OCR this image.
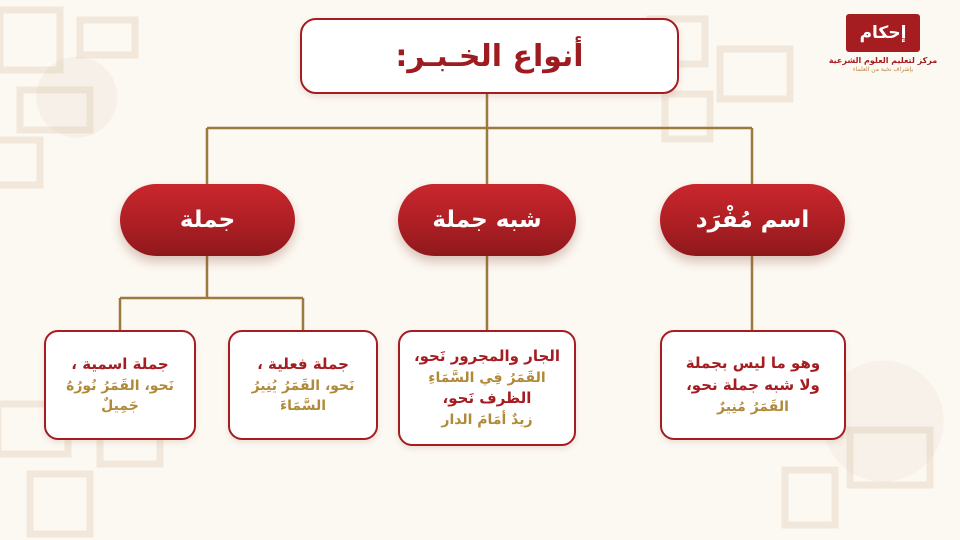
أنواع الخـبـر:
جملة	شبه جملة	اسم مُفْرَد
جملة اسمية ،
نَحو، القَمَرُ نُورُهُ
جَمِيلٌ
جملة فعلية ،
نَحو، القَمَرُ يُنِيرُ
السَّمَاءَ
الجار والمجرور نَحو،
القَمَرُ فِي السَّمَاءِ
الظرف نَحو،
زيدٌ أمَامَ الدار
وهو ما ليس بجملة
ولا شبه جملة نحو،
القَمَرُ مُنِيرٌ
إحكام
مركز لتعليم العلوم الشرعية
بإشراف نخبة من العلماء
